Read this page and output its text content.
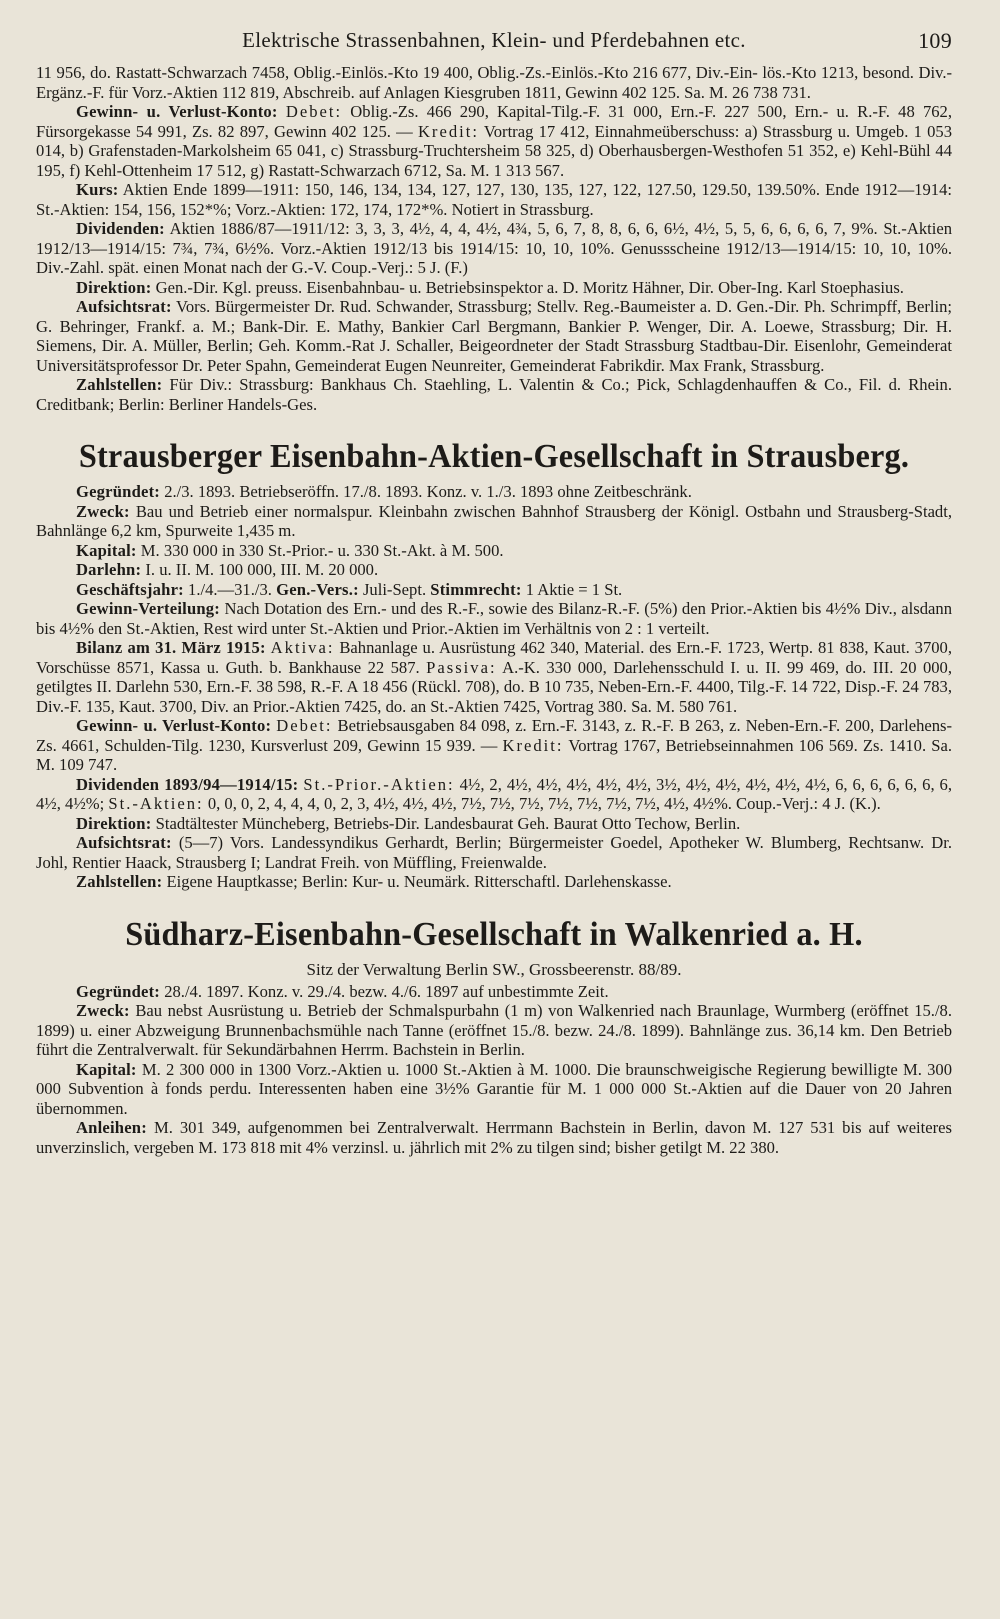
Elektrische Strassenbahnen, Klein- und Pferdebahnen etc.	109

11 956, do. Rastatt-Schwarzach 7458, Oblig.-Einlös.-Kto 19 400, Oblig.-Zs.-Einlös.-Kto 216 677, Div.-Ein- lös.-Kto 1213, besond. Div.-Ergänz.-F. für Vorz.-Aktien 112 819, Abschreib. auf Anlagen Kiesgruben 1811, Gewinn 402 125. Sa. M. 26 738 731.

Gewinn- u. Verlust-Konto: Debet: Oblig.-Zs. 466 290, Kapital-Tilg.-F. 31 000, Ern.-F. 227 500, Ern.- u. R.-F. 48 762, Fürsorgekasse 54 991, Zs. 82 897, Gewinn 402 125. — Kredit: Vortrag 17 412, Einnahmeüberschuss: a) Strassburg u. Umgeb. 1 053 014, b) Grafenstaden-Markolsheim 65 041, c) Strassburg-Truchtersheim 58 325, d) Oberhausbergen-Westhofen 51 352, e) Kehl-Bühl 44 195, f) Kehl-Ottenheim 17 512, g) Rastatt-Schwarzach 6712, Sa. M. 1 313 567.

Kurs: Aktien Ende 1899—1911: 150, 146, 134, 134, 127, 127, 130, 135, 127, 122, 127.50, 129.50, 139.50%. Ende 1912—1914: St.-Aktien: 154, 156, 152*%; Vorz.-Aktien: 172, 174, 172*%. Notiert in Strassburg.

Dividenden: Aktien 1886/87—1911/12: 3, 3, 3, 4½, 4, 4, 4½, 4¾, 5, 6, 7, 8, 8, 6, 6, 6½, 4½, 5, 5, 6, 6, 6, 6, 7, 9%. St.-Aktien 1912/13—1914/15: 7¾, 7¾, 6½%. Vorz.-Aktien 1912/13 bis 1914/15: 10, 10, 10%. Genussscheine 1912/13—1914/15: 10, 10, 10%. Div.-Zahl. spät. einen Monat nach der G.-V. Coup.-Verj.: 5 J. (F.)

Direktion: Gen.-Dir. Kgl. preuss. Eisenbahnbau- u. Betriebsinspektor a. D. Moritz Hähner, Dir. Ober-Ing. Karl Stoephasius.

Aufsichtsrat: Vors. Bürgermeister Dr. Rud. Schwander, Strassburg; Stellv. Reg.-Baumeister a. D. Gen.-Dir. Ph. Schrimpff, Berlin; G. Behringer, Frankf. a. M.; Bank-Dir. E. Mathy, Bankier Carl Bergmann, Bankier P. Wenger, Dir. A. Loewe, Strassburg; Dir. H. Siemens, Dir. A. Müller, Berlin; Geh. Komm.-Rat J. Schaller, Beigeordneter der Stadt Strassburg Stadtbau-Dir. Eisenlohr, Gemeinderat Universitätsprofessor Dr. Peter Spahn, Gemeinderat Eugen Neunreiter, Gemeinderat Fabrikdir. Max Frank, Strassburg.

Zahlstellen: Für Div.: Strassburg: Bankhaus Ch. Staehling, L. Valentin & Co.; Pick, Schlagdenhauffen & Co., Fil. d. Rhein. Creditbank; Berlin: Berliner Handels-Ges.

Strausberger Eisenbahn-Aktien-Gesellschaft in Strausberg.

Gegründet: 2./3. 1893. Betriebseröffn. 17./8. 1893. Konz. v. 1./3. 1893 ohne Zeitbeschränk.

Zweck: Bau und Betrieb einer normalspur. Kleinbahn zwischen Bahnhof Strausberg der Königl. Ostbahn und Strausberg-Stadt, Bahnlänge 6,2 km, Spurweite 1,435 m.

Kapital: M. 330 000 in 330 St.-Prior.- u. 330 St.-Akt. à M. 500.

Darlehn: I. u. II. M. 100 000, III. M. 20 000.

Geschäftsjahr: 1./4.—31./3. Gen.-Vers.: Juli-Sept. Stimmrecht: 1 Aktie = 1 St.

Gewinn-Verteilung: Nach Dotation des Ern.- und des R.-F., sowie des Bilanz-R.-F. (5%) den Prior.-Aktien bis 4½% Div., alsdann bis 4½% den St.-Aktien, Rest wird unter St.-Aktien und Prior.-Aktien im Verhältnis von 2 : 1 verteilt.

Bilanz am 31. März 1915: Aktiva: Bahnanlage u. Ausrüstung 462 340, Material. des Ern.-F. 1723, Wertp. 81 838, Kaut. 3700, Vorschüsse 8571, Kassa u. Guth. b. Bankhause 22 587. Passiva: A.-K. 330 000, Darlehensschuld I. u. II. 99 469, do. III. 20 000, getilgtes II. Darlehn 530, Ern.-F. 38 598, R.-F. A 18 456 (Rückl. 708), do. B 10 735, Neben-Ern.-F. 4400, Tilg.-F. 14 722, Disp.-F. 24 783, Div.-F. 135, Kaut. 3700, Div. an Prior.-Aktien 7425, do. an St.-Aktien 7425, Vortrag 380. Sa. M. 580 761.

Gewinn- u. Verlust-Konto: Debet: Betriebsausgaben 84 098, z. Ern.-F. 3143, z. R.-F. B 263, z. Neben-Ern.-F. 200, Darlehens-Zs. 4661, Schulden-Tilg. 1230, Kursverlust 209, Gewinn 15 939. — Kredit: Vortrag 1767, Betriebseinnahmen 106 569. Zs. 1410. Sa. M. 109 747.

Dividenden 1893/94—1914/15: St.-Prior.-Aktien: 4½, 2, 4½, 4½, 4½, 4½, 4½, 3½, 4½, 4½, 4½, 4½, 4½, 6, 6, 6, 6, 6, 6, 6, 4½, 4½%; St.-Aktien: 0, 0, 0, 2, 4, 4, 4, 0, 2, 3, 4½, 4½, 4½, 7½, 7½, 7½, 7½, 7½, 7½, 7½, 4½, 4½%. Coup.-Verj.: 4 J. (K.).

Direktion: Stadtältester Müncheberg, Betriebs-Dir. Landesbaurat Geh. Baurat Otto Techow, Berlin.

Aufsichtsrat: (5—7) Vors. Landessyndikus Gerhardt, Berlin; Bürgermeister Goedel, Apotheker W. Blumberg, Rechtsanw. Dr. Johl, Rentier Haack, Strausberg I; Landrat Freih. von Müffling, Freienwalde.

Zahlstellen: Eigene Hauptkasse; Berlin: Kur- u. Neumärk. Ritterschaftl. Darlehenskasse.

Südharz-Eisenbahn-Gesellschaft in Walkenried a. H.
Sitz der Verwaltung Berlin SW., Grossbeerenstr. 88/89.

Gegründet: 28./4. 1897. Konz. v. 29./4. bezw. 4./6. 1897 auf unbestimmte Zeit.

Zweck: Bau nebst Ausrüstung u. Betrieb der Schmalspurbahn (1 m) von Walkenried nach Braunlage, Wurmberg (eröffnet 15./8. 1899) u. einer Abzweigung Brunnenbachsmühle nach Tanne (eröffnet 15./8. bezw. 24./8. 1899). Bahnlänge zus. 36,14 km. Den Betrieb führt die Zentralverwalt. für Sekundärbahnen Herrm. Bachstein in Berlin.

Kapital: M. 2 300 000 in 1300 Vorz.-Aktien u. 1000 St.-Aktien à M. 1000. Die braunschweigische Regierung bewilligte M. 300 000 Subvention à fonds perdu. Interessenten haben eine 3½% Garantie für M. 1 000 000 St.-Aktien auf die Dauer von 20 Jahren übernommen.

Anleihen: M. 301 349, aufgenommen bei Zentralverwalt. Herrmann Bachstein in Berlin, davon M. 127 531 bis auf weiteres unverzinslich, vergeben M. 173 818 mit 4% verzinsl. u. jährlich mit 2% zu tilgen sind; bisher getilgt M. 22 380.
